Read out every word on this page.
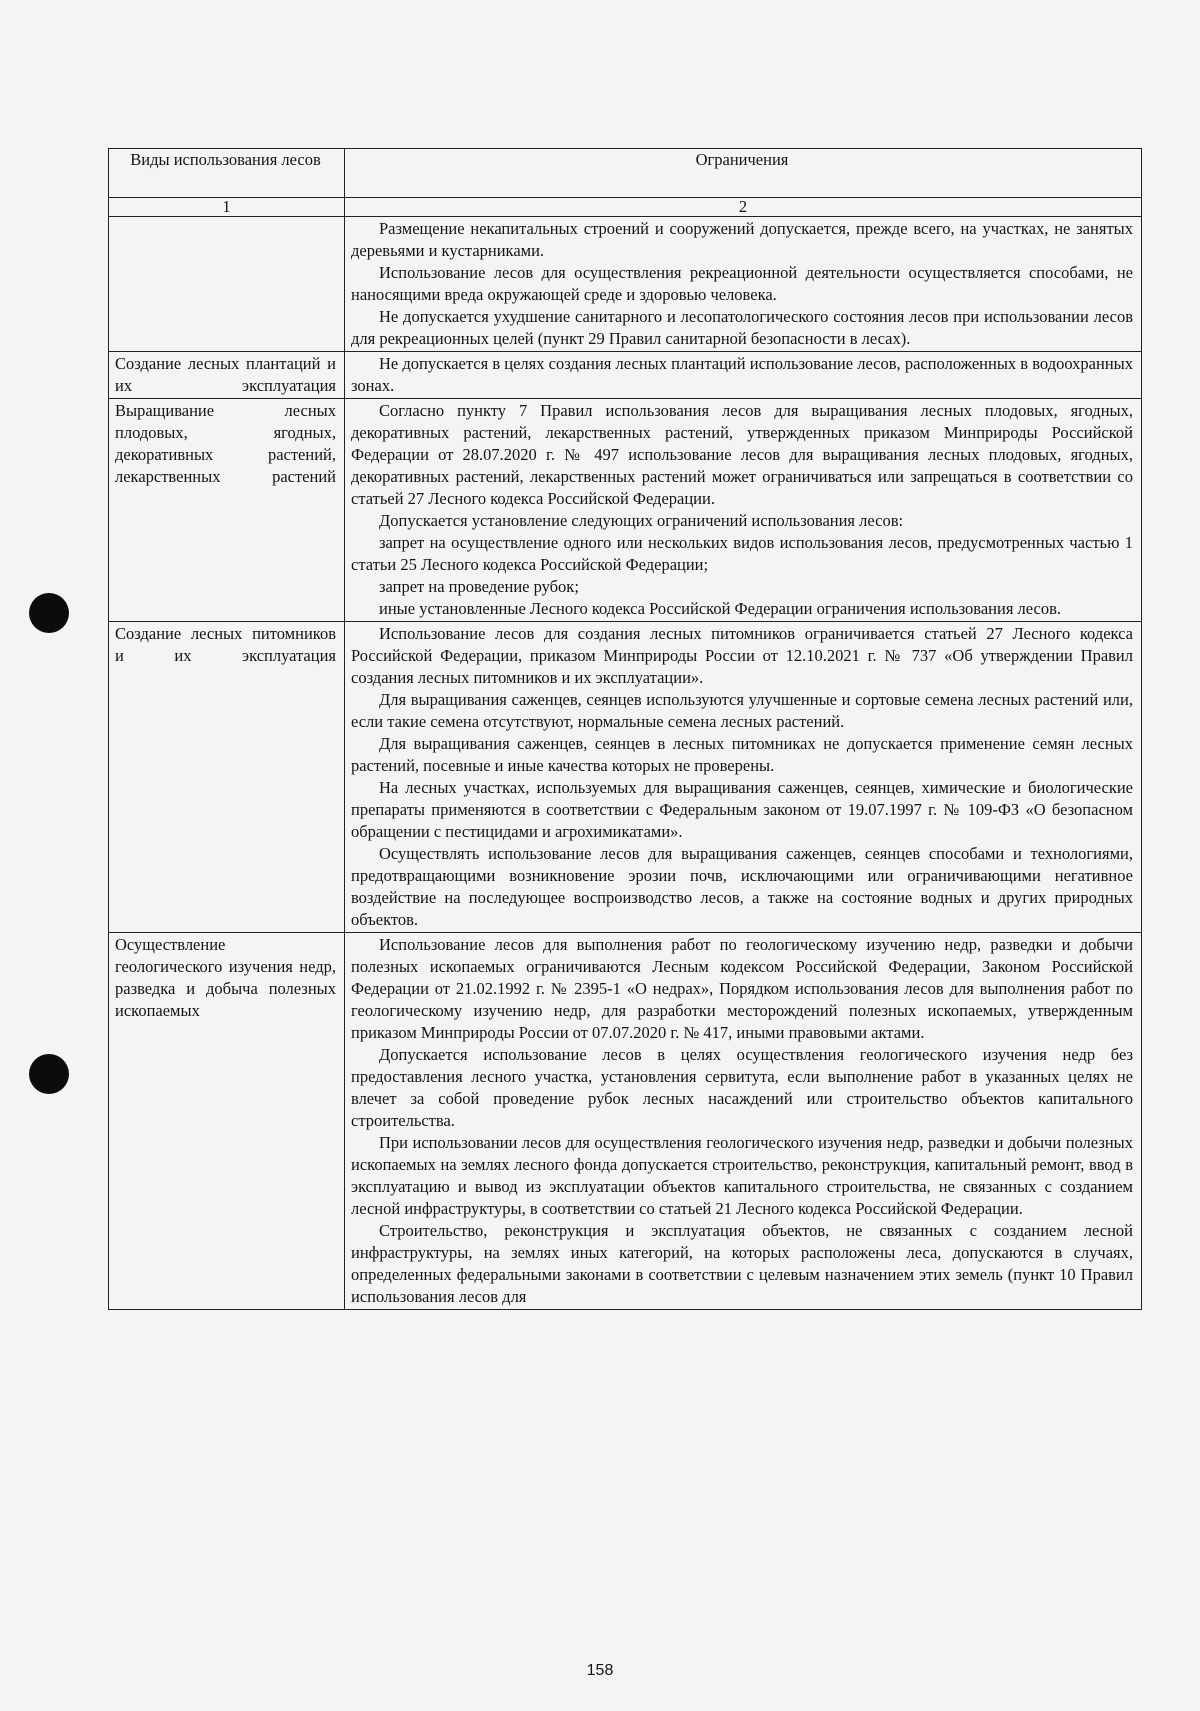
Виды использования лесов	Ограничения
1	2

	Размещение некапитальных строений и сооружений допускается, прежде всего, на участках, не занятых деревьями и кустарниками.

Использование лесов для осуществления рекреационной деятельности осуществляется способами, не наносящими вреда окружающей среде и здоровью человека.

Не допускается ухудшение санитарного и лесопатологического состояния лесов при использовании лесов для рекреационных целей (пункт 29 Правил санитарной безопасности в лесах).

Создание лесных плантаций и их эксплуатация	Не допускается в целях создания лесных плантаций использование лесов, расположенных в водоохранных зонах.

Выращивание лесных плодовых, ягодных, декоративных растений, лекарственных растений	Согласно пункту 7 Правил использования лесов для выращивания лесных плодовых, ягодных, декоративных растений, лекарственных растений, утвержденных приказом Минприроды Российской Федерации от 28.07.2020 г. № 497 использование лесов для выращивания лесных плодовых, ягодных, декоративных растений, лекарственных растений может ограничиваться или запрещаться в соответствии со статьей 27 Лесного кодекса Российской Федерации.

Допускается установление следующих ограничений использования лесов:

запрет на осуществление одного или нескольких видов использования лесов, предусмотренных частью 1 статьи 25 Лесного кодекса Российской Федерации;

запрет на проведение рубок;

иные установленные Лесного кодекса Российской Федерации ограничения использования лесов.

Создание лесных питомников и их эксплуатация	Использование лесов для создания лесных питомников ограничивается статьей 27 Лесного кодекса Российской Федерации, приказом Минприроды России от 12.10.2021 г. № 737 «Об утверждении Правил создания лесных питомников и их эксплуатации».

Для выращивания саженцев, сеянцев используются улучшенные и сортовые семена лесных растений или, если такие семена отсутствуют, нормальные семена лесных растений.

Для выращивания саженцев, сеянцев в лесных питомниках не допускается применение семян лесных растений, посевные и иные качества которых не проверены.

На лесных участках, используемых для выращивания саженцев, сеянцев, химические и биологические препараты применяются в соответствии с Федеральным законом от 19.07.1997 г. № 109-ФЗ «О безопасном обращении с пестицидами и агрохимикатами».

Осуществлять использование лесов для выращивания саженцев, сеянцев способами и технологиями, предотвращающими возникновение эрозии почв, исключающими или ограничивающими негативное воздействие на последующее воспроизводство лесов, а также на состояние водных и других природных объектов.

Осуществление геологического изучения недр, разведка и добыча полезных ископаемых	Использование лесов для выполнения работ по геологическому изучению недр, разведки и добычи полезных ископаемых ограничиваются Лесным кодексом Российской Федерации, Законом Российской Федерации от 21.02.1992 г. № 2395-1 «О недрах», Порядком использования лесов для выполнения работ по геологическому изучению недр, для разработки месторождений полезных ископаемых, утвержденным приказом Минприроды России от 07.07.2020 г. № 417, иными правовыми актами.

Допускается использование лесов в целях осуществления геологического изучения недр без предоставления лесного участка, установления сервитута, если выполнение работ в указанных целях не влечет за собой проведение рубок лесных насаждений или строительство объектов капитального строительства.

При использовании лесов для осуществления геологического изучения недр, разведки и добычи полезных ископаемых на землях лесного фонда допускается строительство, реконструкция, капитальный ремонт, ввод в эксплуатацию и вывод из эксплуатации объектов капитального строительства, не связанных с созданием лесной инфраструктуры, в соответствии со статьей 21 Лесного кодекса Российской Федерации.

Строительство, реконструкция и эксплуатация объектов, не связанных с созданием лесной инфраструктуры, на землях иных категорий, на которых расположены леса, допускаются в случаях, определенных федеральными законами в соответствии с целевым назначением этих земель (пункт 10 Правил использования лесов для

158
